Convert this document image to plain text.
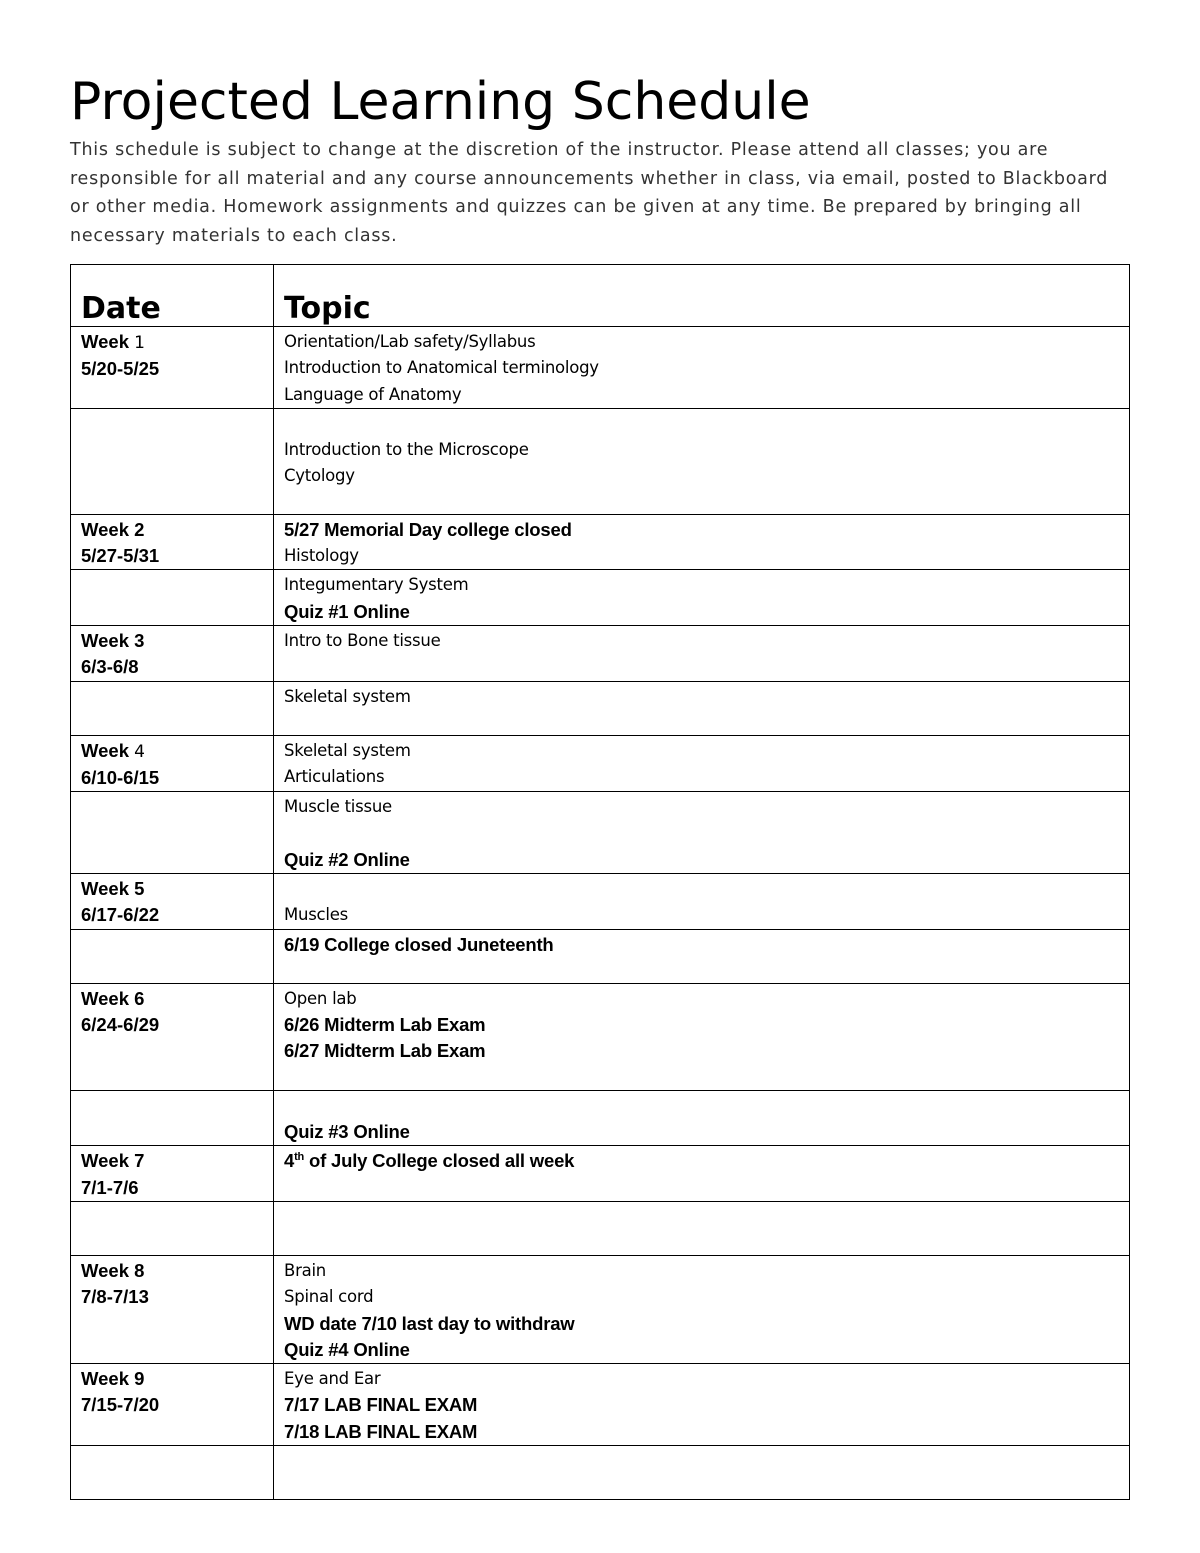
Projected Learning Schedule

This schedule is subject to change at the discretion of the instructor. Please attend all classes; you are responsible for all material and any course announcements whether in class, via email, posted to Blackboard or other media. Homework assignments and quizzes can be given at any time. Be prepared by bringing all necessary materials to each class.

Date	Topic

Week 1
5/20-5/25	Orientation/Lab safety/Syllabus
Introduction to Anatomical terminology
Language of Anatomy

	Introduction to the Microscope
Cytology

Week 2
5/27-5/31	5/27 Memorial Day college closed
Histology

	Integumentary System
Quiz #1 Online

Week 3
6/3-6/8	Intro to Bone tissue

	Skeletal system

Week 4
6/10-6/15	Skeletal system
Articulations

	Muscle tissue
Quiz #2 Online

Week 5
6/17-6/22	Muscles

	6/19 College closed Juneteenth

Week 6
6/24-6/29	Open lab
6/26 Midterm Lab Exam
6/27 Midterm Lab Exam

	Quiz #3 Online

Week 7
7/1-7/6	4th of July College closed all week

Week 8
7/8-7/13	Brain
Spinal cord
WD date 7/10 last day to withdraw
Quiz #4 Online

Week 9
7/15-7/20	Eye and Ear
7/17 LAB FINAL EXAM
7/18 LAB FINAL EXAM
